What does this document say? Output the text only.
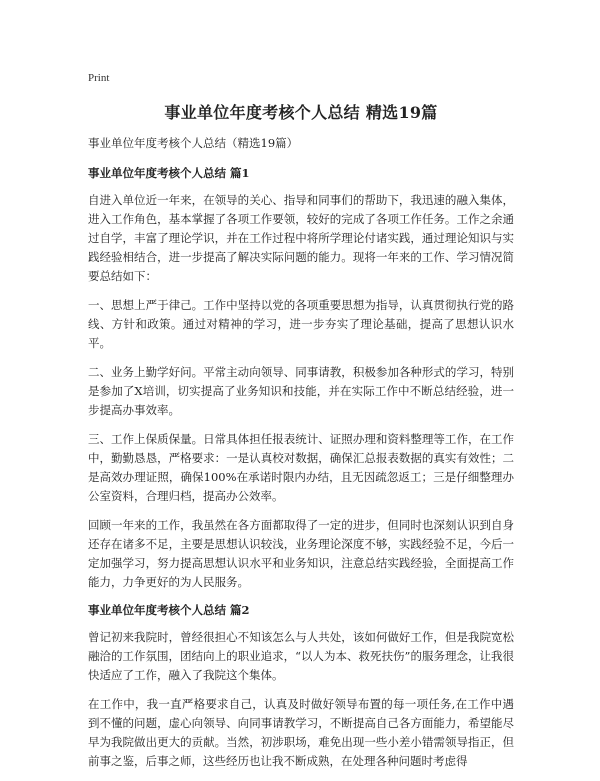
Print

事业单位年度考核个人总结 精选19篇

事业单位年度考核个人总结（精选19篇）

事业单位年度考核个人总结 篇1

自进入单位近一年来，在领导的关心、指导和同事们的帮助下，我迅速的融入集体，进入工作角色，基本掌握了各项工作要领，较好的完成了各项工作任务。工作之余通过自学，丰富了理论学识，并在工作过程中将所学理论付诸实践，通过理论知识与实践经验相结合，进一步提高了解决实际问题的能力。现将一年来的工作、学习情况简要总结如下：

一、思想上严于律己。工作中坚持以党的各项重要思想为指导，认真贯彻执行党的路线、方针和政策。通过对精神的学习，进一步夯实了理论基础，提高了思想认识水平。

二、业务上勤学好问。平常主动向领导、同事请教，积极参加各种形式的学习，特别是参加了X培训，切实提高了业务知识和技能，并在实际工作中不断总结经验，进一步提高办事效率。

三、工作上保质保量。日常具体担任报表统计、证照办理和资料整理等工作，在工作中，勤勤恳恳，严格要求：一是认真校对数据，确保汇总报表数据的真实有效性；二是高效办理证照，确保100%在承诺时限内办结，且无因疏忽返工；三是仔细整理办公室资料，合理归档，提高办公效率。

回顾一年来的工作，我虽然在各方面都取得了一定的进步，但同时也深刻认识到自身还存在诸多不足，主要是思想认识较浅，业务理论深度不够，实践经验不足，今后一定加强学习，努力提高思想认识水平和业务知识，注意总结实践经验，全面提高工作能力，力争更好的为人民服务。

事业单位年度考核个人总结 篇2

曾记初来我院时，曾经很担心不知该怎么与人共处，该如何做好工作，但是我院宽松融洽的工作氛围，团结向上的职业追求，“以人为本、救死扶伤”的服务理念，让我很快适应了工作，融入了我院这个集体。

在工作中，我一直严格要求自己，认真及时做好领导布置的每一项任务,在工作中遇到不懂的问题，虚心向领导、向同事请教学习，不断提高自己各方面能力，希望能尽早为我院做出更大的贡献。当然，初涉职场，难免出现一些小差小错需领导指正，但前事之鉴，后事之师，这些经历也让我不断成熟，在处理各种问题时考虑得
